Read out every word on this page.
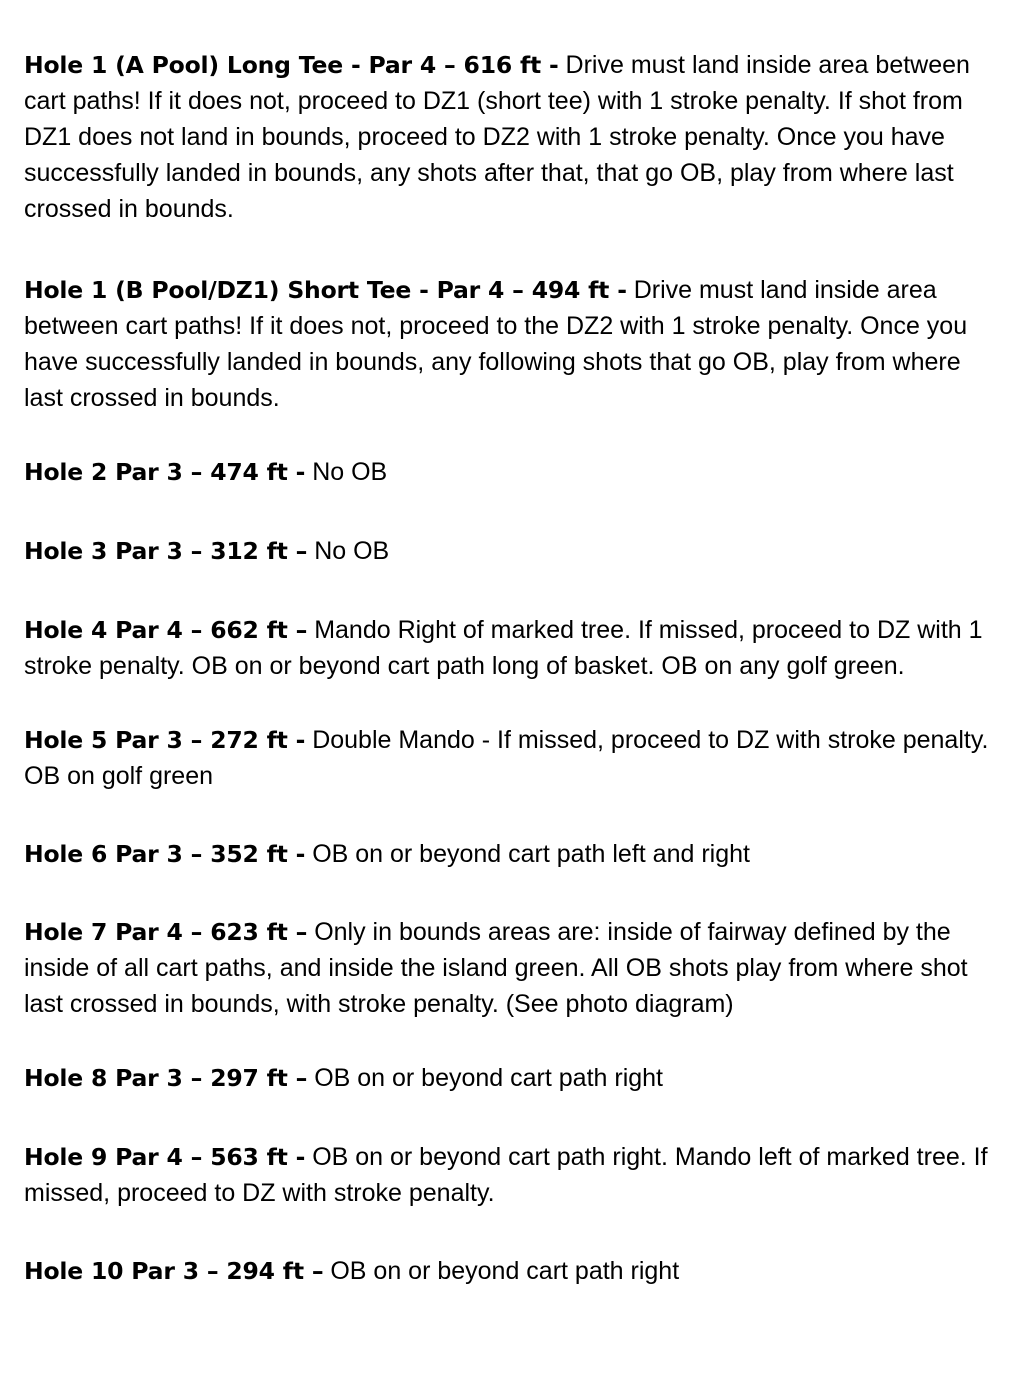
Hole 1 (A Pool) Long Tee - Par 4 – 616 ft - Drive must land inside area between cart paths! If it does not, proceed to DZ1 (short tee) with 1 stroke penalty. If shot from DZ1 does not land in bounds, proceed to DZ2 with 1 stroke penalty. Once you have successfully landed in bounds, any shots after that, that go OB, play from where last crossed in bounds.

Hole 1 (B Pool/DZ1) Short Tee - Par 4 – 494 ft - Drive must land inside area between cart paths! If it does not, proceed to the DZ2 with 1 stroke penalty. Once you have successfully landed in bounds, any following shots that go OB, play from where last crossed in bounds.

Hole 2 Par 3 – 474 ft - No OB

Hole 3 Par 3 – 312 ft – No OB

Hole 4 Par 4 – 662 ft – Mando Right of marked tree. If missed, proceed to DZ with 1 stroke penalty. OB on or beyond cart path long of basket. OB on any golf green.

Hole 5 Par 3 – 272 ft - Double Mando - If missed, proceed to DZ with stroke penalty. OB on golf green

Hole 6 Par 3 – 352 ft - OB on or beyond cart path left and right

Hole 7 Par 4 – 623 ft – Only in bounds areas are: inside of fairway defined by the inside of all cart paths, and inside the island green. All OB shots play from where shot last crossed in bounds, with stroke penalty. (See photo diagram)

Hole 8 Par 3 – 297 ft – OB on or beyond cart path right

Hole 9 Par 4 – 563 ft - OB on or beyond cart path right. Mando left of marked tree. If missed, proceed to DZ with stroke penalty.

Hole 10 Par 3 – 294 ft – OB on or beyond cart path right
